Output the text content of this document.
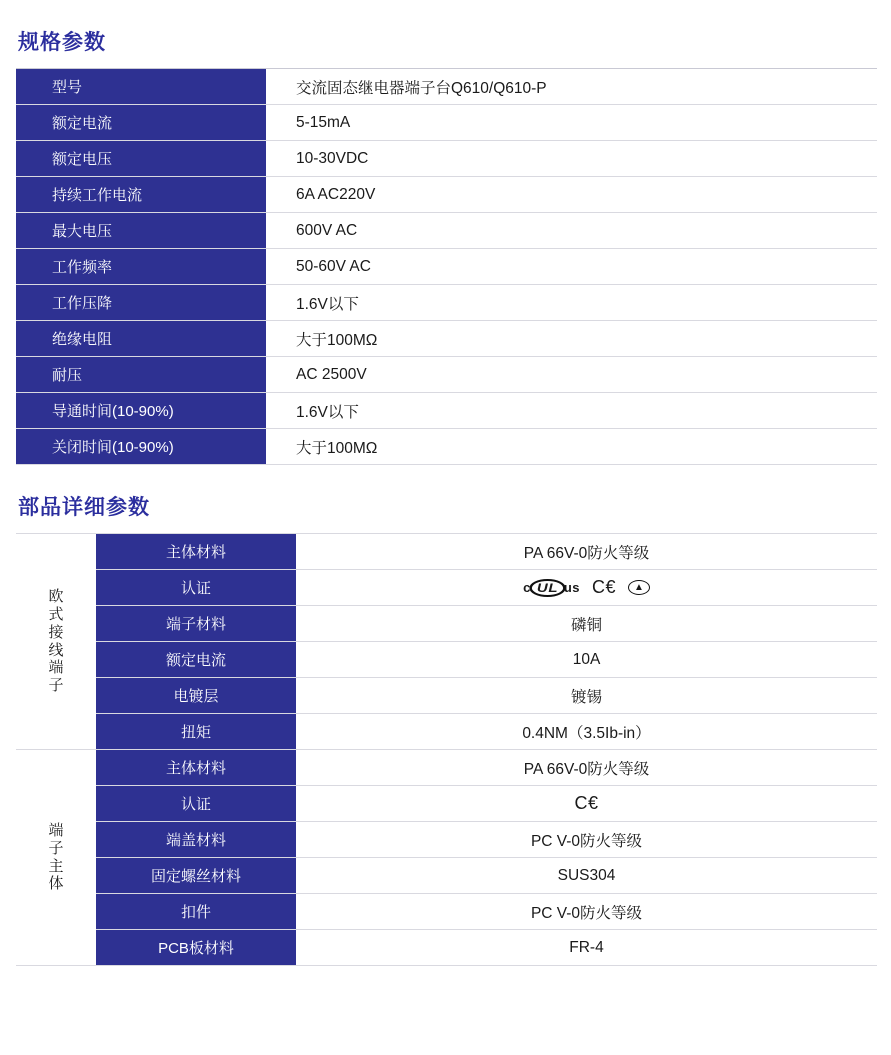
规格参数
型号	交流固态继电器端子台Q610/Q610-P
额定电流	5-15mA
额定电压	10-30VDC
持续工作电流	6A AC220V
最大电压	600V AC
工作频率	50-60V AC
工作压降	1.6V以下
绝缘电阻	大于100MΩ
耐压	AC 2500V
导通时间(10-90%)	1.6V以下
关闭时间(10-90%)	大于100MΩ
部品详细参数
欧
式
接
线
端
子
	主体材料	PA 66V-0防火等级
	认证	c UL us C€ ▲

	端子材料	磷铜
	额定电流	10A
	电镀层	镀锡
	扭矩	0.4NM（3.5Ib-in）

端
子
主
体	主体材料	PA 66V-0防火等级
	认证	C€

	端盖材料	PC V-0防火等级
	固定螺丝材料	SUS304
	扣件	PC V-0防火等级
	PCB板材料	FR-4
